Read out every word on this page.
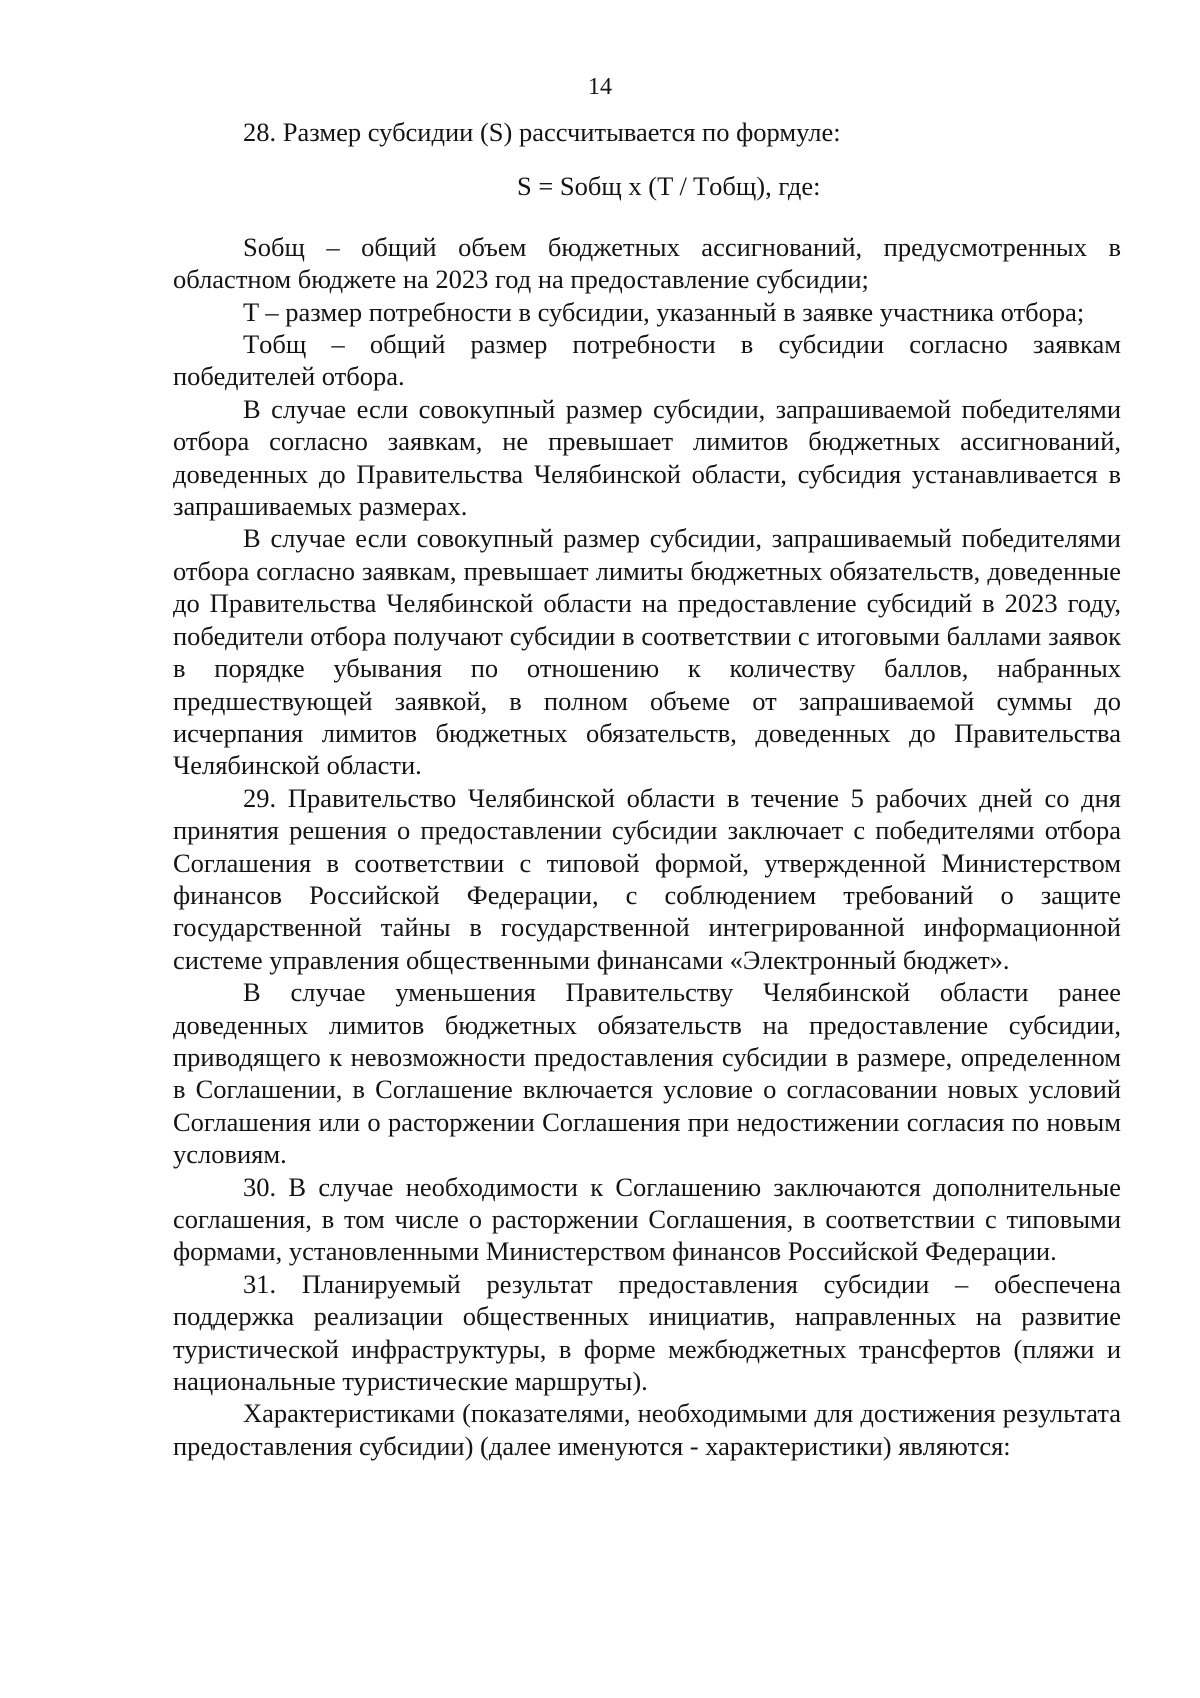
14

28. Размер субсидии (S) рассчитывается по формуле:

S = Sобщ x (T / Tобщ), где:

Sобщ – общий объем бюджетных ассигнований, предусмотренных в областном бюджете на 2023 год на предоставление субсидии;

T – размер потребности в субсидии, указанный в заявке участника отбора;

Tобщ – общий размер потребности в субсидии согласно заявкам победителей отбора.

В случае если совокупный размер субсидии, запрашиваемой победителями отбора согласно заявкам, не превышает лимитов бюджетных ассигнований, доведенных до Правительства Челябинской области, субсидия устанавливается в запрашиваемых размерах.

В случае если совокупный размер субсидии, запрашиваемый победителями отбора согласно заявкам, превышает лимиты бюджетных обязательств, доведенные до Правительства Челябинской области на предоставление субсидий в 2023 году, победители отбора получают субсидии в соответствии с итоговыми баллами заявок в порядке убывания по отношению к количеству баллов, набранных предшествующей заявкой, в полном объеме от запрашиваемой суммы до исчерпания лимитов бюджетных обязательств, доведенных до Правительства Челябинской области.

29. Правительство Челябинской области в течение 5 рабочих дней со дня принятия решения о предоставлении субсидии заключает с победителями отбора Соглашения в соответствии с типовой формой, утвержденной Министерством финансов Российской Федерации, с соблюдением требований о защите государственной тайны в государственной интегрированной информационной системе управления общественными финансами «Электронный бюджет».

В случае уменьшения Правительству Челябинской области ранее доведенных лимитов бюджетных обязательств на предоставление субсидии, приводящего к невозможности предоставления субсидии в размере, определенном в Соглашении, в Соглашение включается условие о согласовании новых условий Соглашения или о расторжении Соглашения при недостижении согласия по новым условиям.

30. В случае необходимости к Соглашению заключаются дополнительные соглашения, в том числе о расторжении Соглашения, в соответствии с типовыми формами, установленными Министерством финансов Российской Федерации.

31. Планируемый результат предоставления субсидии – обеспечена поддержка реализации общественных инициатив, направленных на развитие туристической инфраструктуры, в форме межбюджетных трансфертов (пляжи и национальные туристические маршруты).

Характеристиками (показателями, необходимыми для достижения результата предоставления субсидии) (далее именуются - характеристики) являются:
